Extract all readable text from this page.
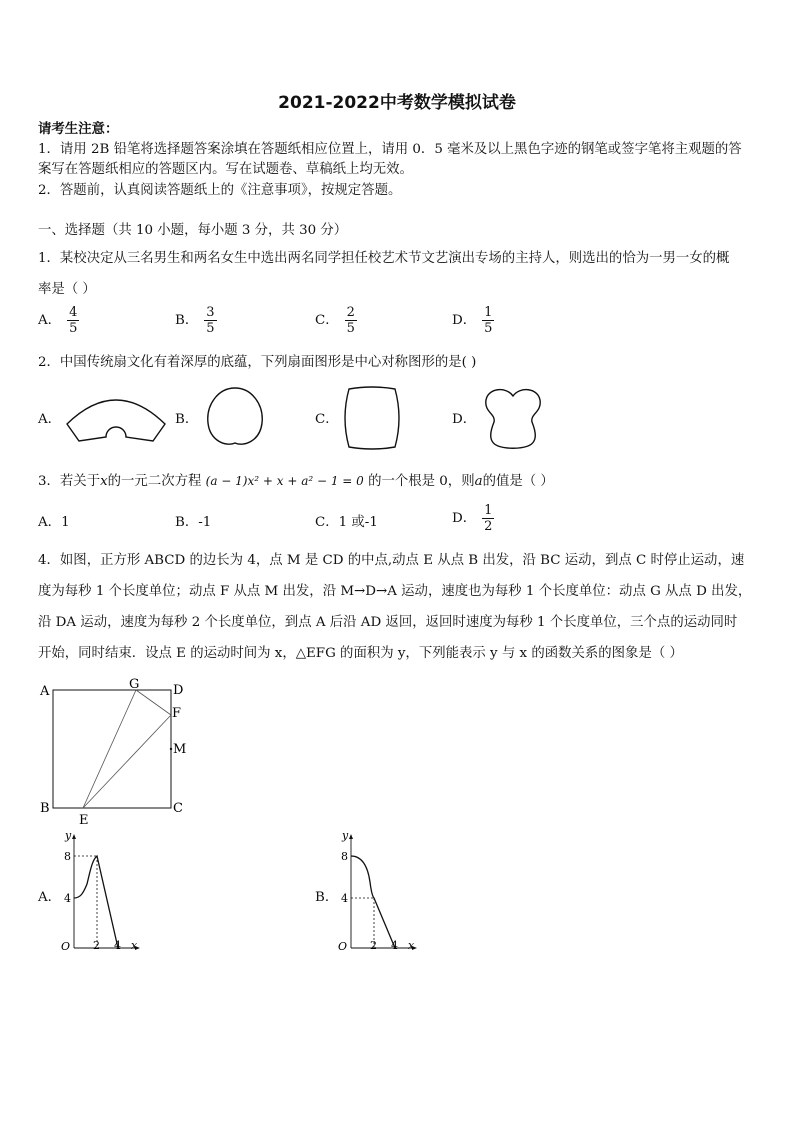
2021-2022中考数学模拟试卷
请考生注意：
1．请用 2B 铅笔将选择题答案涂填在答题纸相应位置上，请用 0．5 毫米及以上黑色字迹的钢笔或签字笔将主观题的答
案写在答题纸相应的答题区内。写在试题卷、草稿纸上均无效。
2．答题前，认真阅读答题纸上的《注意事项》，按规定答题。
一、选择题（共 10 小题，每小题 3 分，共 30 分）
1．某校决定从三名男生和两名女生中选出两名同学担任校艺术节文艺演出专场的主持人，则选出的恰为一男一女的概
率是（ ）
A． $\frac{4}{5}$	B． $\frac{3}{5}$	C． $\frac{2}{5}$	D． $\frac{1}{5}$
2．中国传统扇文化有着深厚的底蕴，下列扇面图形是中心对称图形的是( )
A．	B．	C．	D．
3．若关于x的一元二次方程 (a − 1)x² + x + a² − 1 = 0 的一个根是 0，则a的值是（ ）
A．1	B．-1	C．1 或-1	D． $\frac{1}{2}$
4．如图，正方形 ABCD 的边长为 4，点 M 是 CD 的中点,动点 E 从点 B 出发，沿 BC 运动，到点 C 时停止运动，速
度为每秒 1 个长度单位；动点 F 从点 M 出发，沿 M→D→A 运动，速度也为每秒 1 个长度单位：动点 G 从点 D 出发，
沿 DA 运动，速度为每秒 2 个长度单位，到点 A 后沿 AD 返回，返回时速度为每秒 1 个长度单位，三个点的运动同时
开始，同时结束．设点 E 的运动时间为 x，△EFG 的面积为 y，下列能表示 y 与 x 的函数关系的图象是（ ）
A	G	D
F
M
B	C
E
A．
y
8
4
O 2 4 x
B．
y
8
4
O 2 4 x
